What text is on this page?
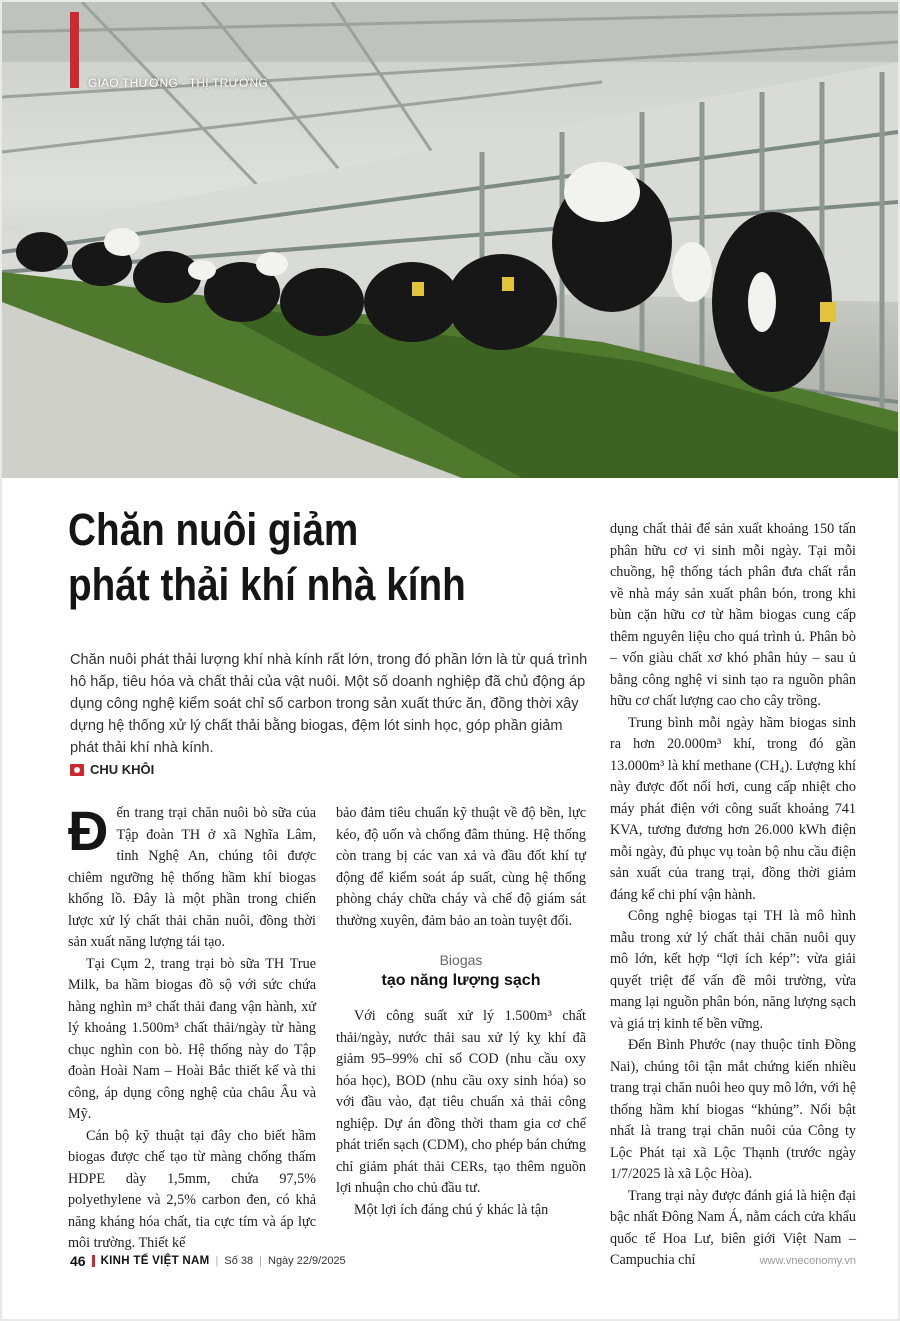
GIAO THƯƠNG - THỊ TRƯỜNG
Chăn nuôi giảm
phát thải khí nhà kính

Chăn nuôi phát thải lượng khí nhà kính rất lớn, trong đó phần lớn là từ quá trình hô hấp, tiêu hóa và chất thải của vật nuôi. Một số doanh nghiệp đã chủ động áp dụng công nghệ kiểm soát chỉ số carbon trong sản xuất thức ăn, đồng thời xây dựng hệ thống xử lý chất thải bằng biogas, đệm lót sinh học, góp phần giảm phát thải khí nhà kính.

CHU KHÔI

Đến trang trại chăn nuôi bò sữa của Tập đoàn TH ở xã Nghĩa Lâm, tỉnh Nghệ An, chúng tôi được chiêm ngưỡng hệ thống hầm khí biogas khổng lồ. Đây là một phần trong chiến lược xử lý chất thải chăn nuôi, đồng thời sản xuất năng lượng tái tạo.

Tại Cụm 2, trang trại bò sữa TH True Milk, ba hầm biogas đồ sộ với sức chứa hàng nghìn m³ chất thải đang vận hành, xử lý khoảng 1.500m³ chất thải/ngày từ hàng chục nghìn con bò. Hệ thống này do Tập đoàn Hoài Nam – Hoài Bắc thiết kế và thi công, áp dụng công nghệ của châu Âu và Mỹ.

Cán bộ kỹ thuật tại đây cho biết hầm biogas được chế tạo từ màng chống thấm HDPE dày 1,5mm, chứa 97,5% polyethylene và 2,5% carbon đen, có khả năng kháng hóa chất, tia cực tím và áp lực môi trường. Thiết kế

bảo đảm tiêu chuẩn kỹ thuật về độ bền, lực kéo, độ uốn và chống đâm thủng. Hệ thống còn trang bị các van xả và đầu đốt khí tự động để kiểm soát áp suất, cùng hệ thống phòng cháy chữa cháy và chế độ giám sát thường xuyên, đảm bảo an toàn tuyệt đối.

Biogas
tạo năng lượng sạch

Với công suất xử lý 1.500m³ chất thải/ngày, nước thải sau xử lý kỵ khí đã giảm 95–99% chỉ số COD (nhu cầu oxy hóa học), BOD (nhu cầu oxy sinh hóa) so với đầu vào, đạt tiêu chuẩn xả thải công nghiệp. Dự án đồng thời tham gia cơ chế phát triển sạch (CDM), cho phép bán chứng chỉ giảm phát thải CERs, tạo thêm nguồn lợi nhuận cho chủ đầu tư.

Một lợi ích đáng chú ý khác là tận

dụng chất thải để sản xuất khoảng 150 tấn phân hữu cơ vi sinh mỗi ngày. Tại mỗi chuồng, hệ thống tách phân đưa chất rắn về nhà máy sản xuất phân bón, trong khi bùn cặn hữu cơ từ hầm biogas cung cấp thêm nguyên liệu cho quá trình ủ. Phân bò – vốn giàu chất xơ khó phân hủy – sau ủ bằng công nghệ vi sinh tạo ra nguồn phân hữu cơ chất lượng cao cho cây trồng.

Trung bình mỗi ngày hầm biogas sinh ra hơn 20.000m³ khí, trong đó gần 13.000m³ là khí methane (CH₄). Lượng khí này được đốt nối hơi, cung cấp nhiệt cho máy phát điện với công suất khoảng 741 KVA, tương đương hơn 26.000 kWh điện mỗi ngày, đủ phục vụ toàn bộ nhu cầu điện sản xuất của trang trại, đồng thời giảm đáng kể chi phí vận hành.

Công nghệ biogas tại TH là mô hình mẫu trong xử lý chất thải chăn nuôi quy mô lớn, kết hợp “lợi ích kép”: vừa giải quyết triệt để vấn đề môi trường, vừa mang lại nguồn phân bón, năng lượng sạch và giá trị kinh tế bền vững.

Đến Bình Phước (nay thuộc tỉnh Đồng Nai), chúng tôi tận mắt chứng kiến nhiều trang trại chăn nuôi heo quy mô lớn, với hệ thống hầm khí biogas “khủng”. Nổi bật nhất là trang trại chăn nuôi của Công ty Lộc Phát tại xã Lộc Thạnh (trước ngày 1/7/2025 là xã Lộc Hòa).

Trang trại này được đánh giá là hiện đại bậc nhất Đông Nam Á, nằm cách cửa khẩu quốc tế Hoa Lư, biên giới Việt Nam – Campuchia chỉ

46 KINH TẾ VIỆT NAM | Số 38 | Ngày 22/9/2025	www.vneconomy.vn
